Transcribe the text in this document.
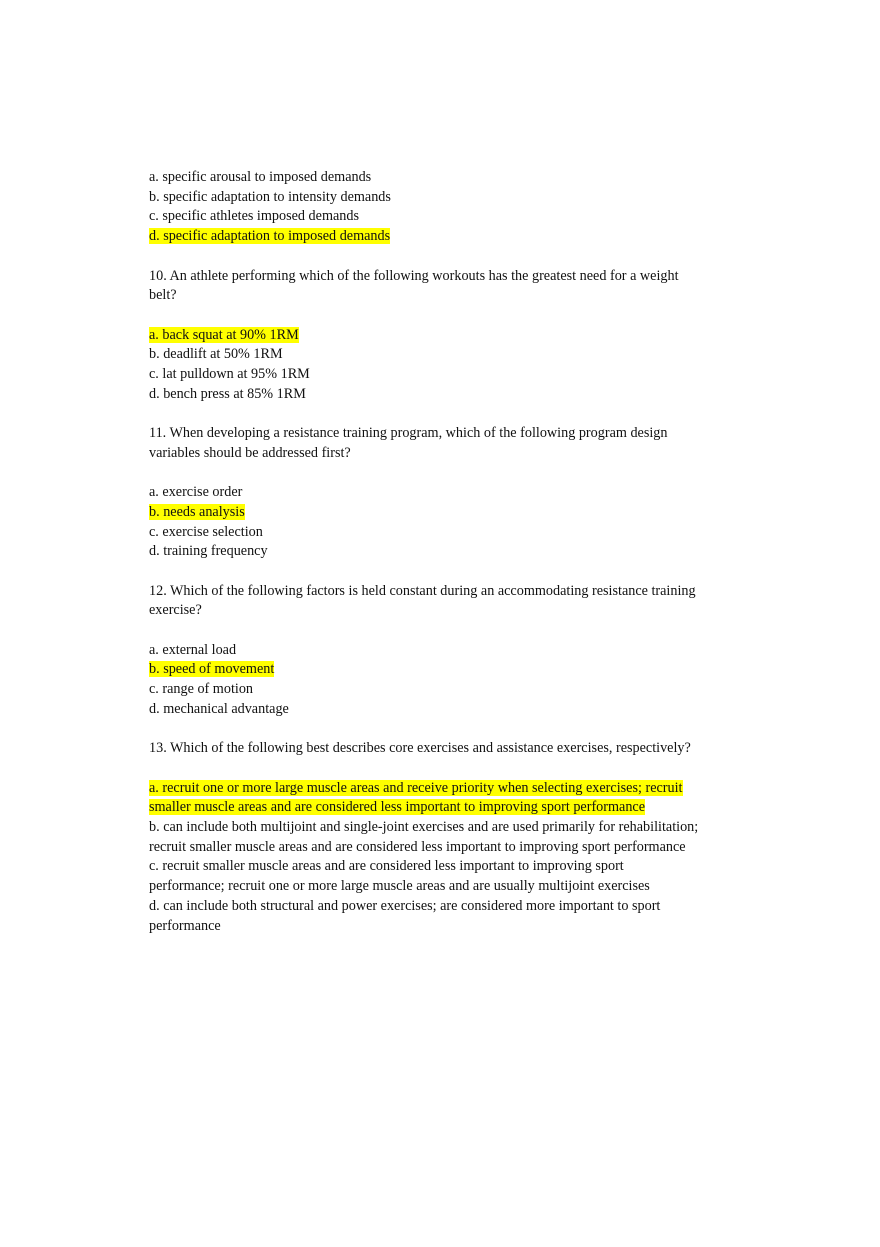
a. specific arousal to imposed demands
b. specific adaptation to intensity demands
c. specific athletes imposed demands
d. specific adaptation to imposed demands
10. An athlete performing which of the following workouts has the greatest need for a weight
belt?
a. back squat at 90% 1RM
b. deadlift at 50% 1RM
c. lat pulldown at 95% 1RM
d. bench press at 85% 1RM
11. When developing a resistance training program, which of the following program design
variables should be addressed first?
a. exercise order
b. needs analysis
c. exercise selection
d. training frequency
12. Which of the following factors is held constant during an accommodating resistance training
exercise?
a. external load
b. speed of movement
c. range of motion
d. mechanical advantage
13. Which of the following best describes core exercises and assistance exercises, respectively?
a. recruit one or more large muscle areas and receive priority when selecting exercises; recruit
smaller muscle areas and are considered less important to improving sport performance
b. can include both multijoint and single-joint exercises and are used primarily for rehabilitation;
recruit smaller muscle areas and are considered less important to improving sport performance
c. recruit smaller muscle areas and are considered less important to improving sport
performance; recruit one or more large muscle areas and are usually multijoint exercises
d. can include both structural and power exercises; are considered more important to sport
performance
